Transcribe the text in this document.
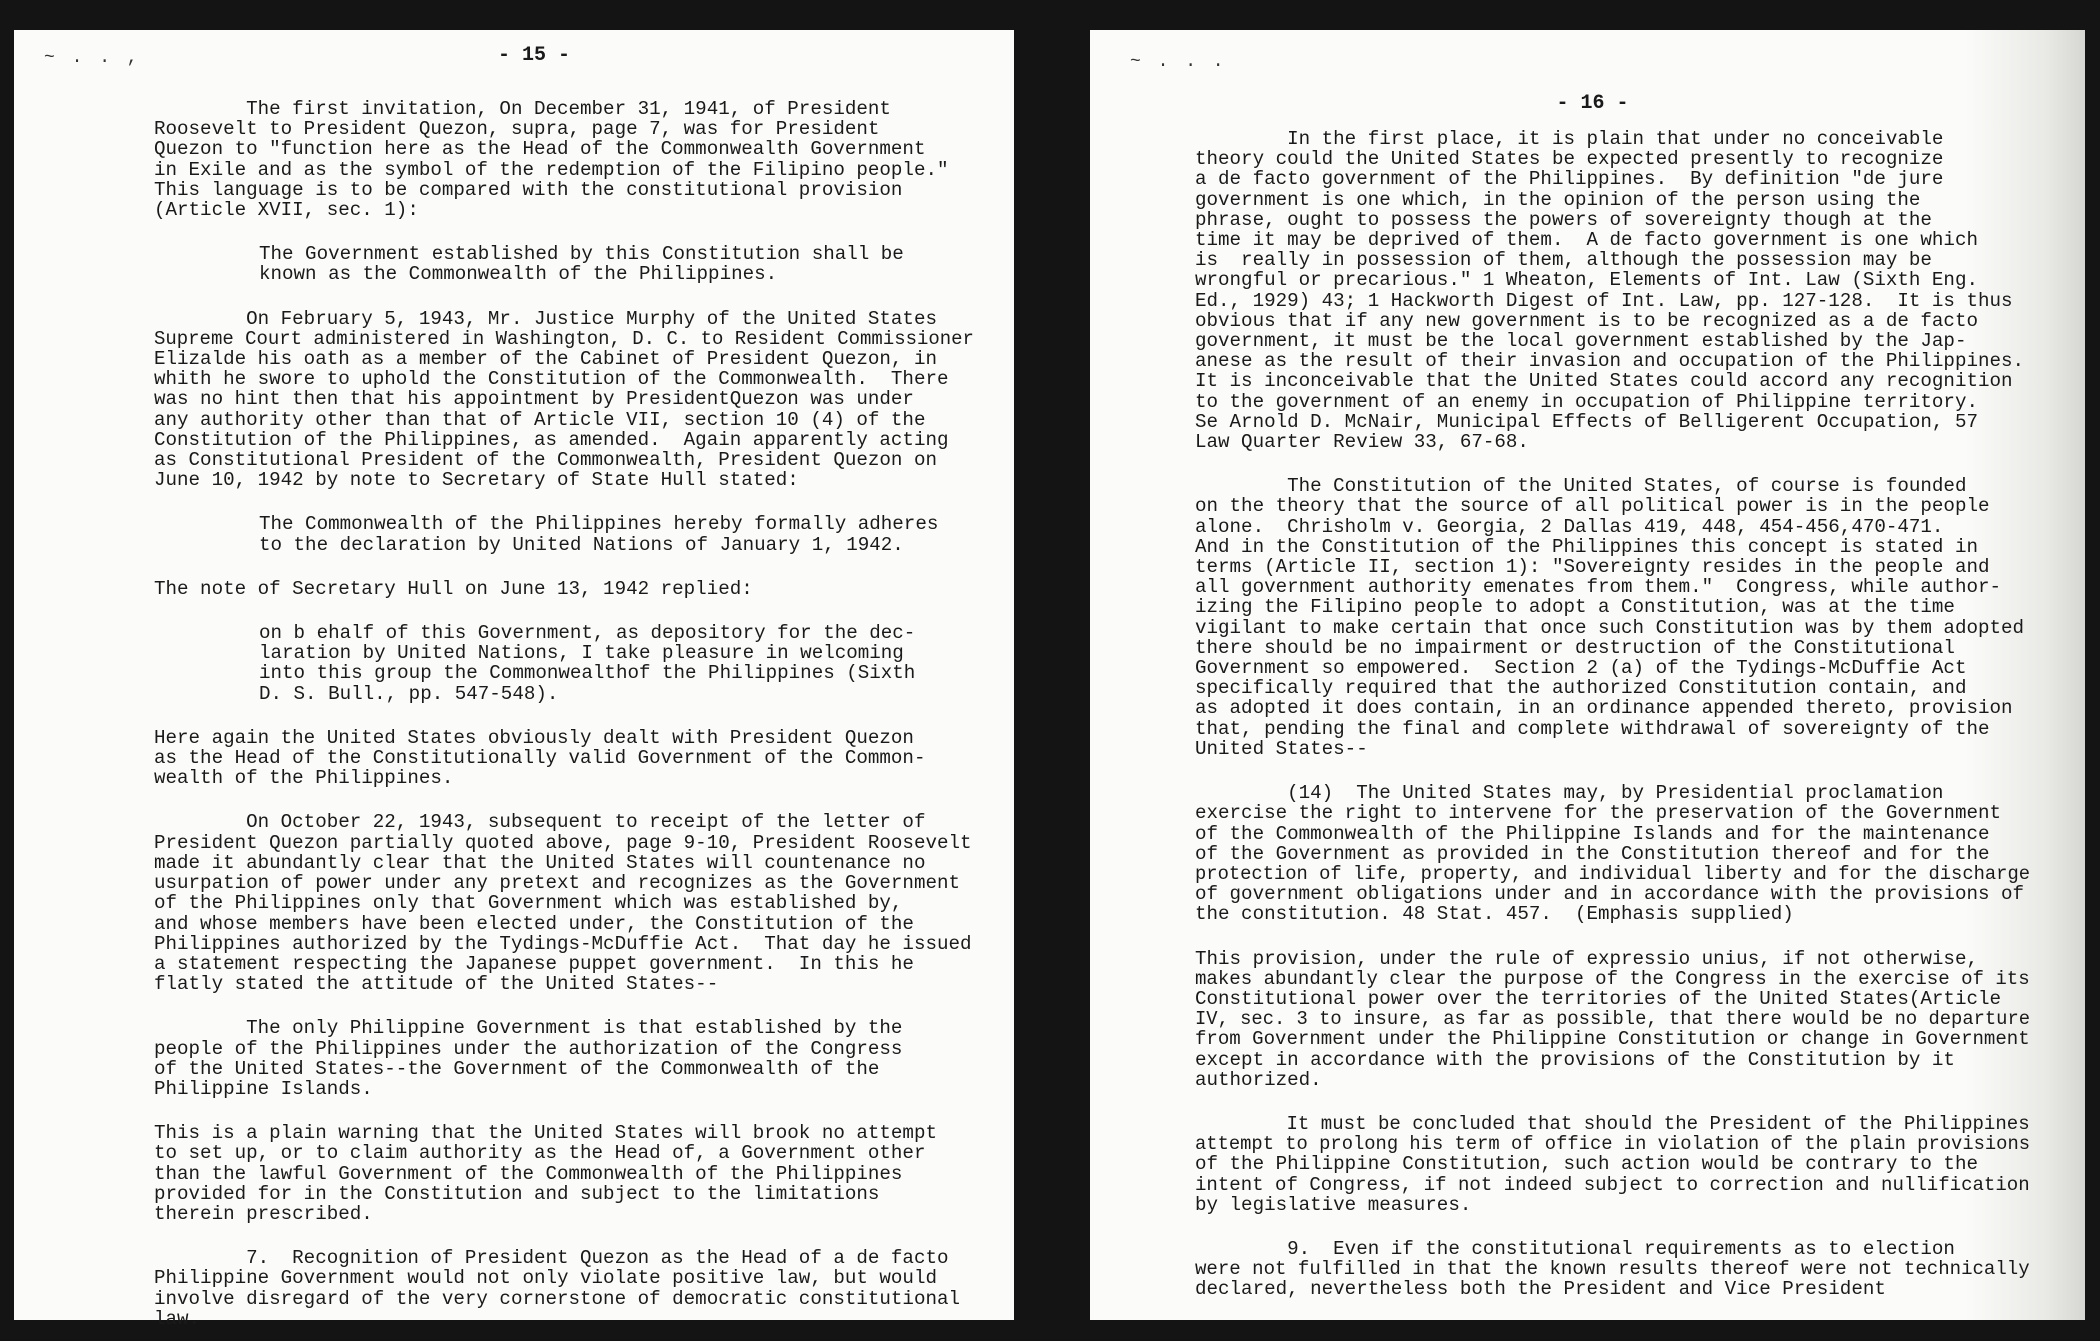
~ . . ,	- 15 -

The first invitation, On December 31, 1941, of President

Roosevelt to President Quezon, supra, page 7, was for President

Quezon to "function here as the Head of the Commonwealth Government

in Exile and as the symbol of the redemption of the Filipino people."

This language is to be compared with the constitutional provision

(Article XVII, sec. 1):

The Government established by this Constitution shall be

known as the Commonwealth of the Philippines.

On February 5, 1943, Mr. Justice Murphy of the United States

Supreme Court administered in Washington, D. C. to Resident Commissioner

Elizalde his oath as a member of the Cabinet of President Quezon, in

whith he swore to uphold the Constitution of the Commonwealth.  There

was no hint then that his appointment by PresidentQuezon was under

any authority other than that of Article VII, section 10 (4) of the

Constitution of the Philippines, as amended.  Again apparently acting

as Constitutional President of the Commonwealth, President Quezon on

June 10, 1942 by note to Secretary of State Hull stated:

The Commonwealth of the Philippines hereby formally adheres

to the declaration by United Nations of January 1, 1942.

The note of Secretary Hull on June 13, 1942 replied:

on b ehalf of this Government, as depository for the dec-

laration by United Nations, I take pleasure in welcoming

into this group the Commonwealthof the Philippines (Sixth

D. S. Bull., pp. 547-548).

Here again the United States obviously dealt with President Quezon

as the Head of the Constitutionally valid Government of the Common-

wealth of the Philippines.

On October 22, 1943, subsequent to receipt of the letter of

President Quezon partially quoted above, page 9-10, President Roosevelt

made it abundantly clear that the United States will countenance no

usurpation of power under any pretext and recognizes as the Government

of the Philippines only that Government which was established by,

and whose members have been elected under, the Constitution of the

Philippines authorized by the Tydings-McDuffie Act.  That day he issued

a statement respecting the Japanese puppet government.  In this he

flatly stated the attitude of the United States--

The only Philippine Government is that established by the

people of the Philippines under the authorization of the Congress

of the United States--the Government of the Commonwealth of the

Philippine Islands.

This is a plain warning that the United States will brook no attempt

to set up, or to claim authority as the Head of, a Government other

than the lawful Government of the Commonwealth of the Philippines

provided for in the Constitution and subject to the limitations

therein prescribed.

7.  Recognition of President Quezon as the Head of a de facto

Philippine Government would not only violate positive law, but would

involve disregard of the very cornerstone of democratic constitutional

law.

~ . . .
- 16 -

In the first place, it is plain that under no conceivable

theory could the United States be expected presently to recognize

a de facto government of the Philippines.  By definition "de jure

government is one which, in the opinion of the person using the

phrase, ought to possess the powers of sovereignty though at the

time it may be deprived of them.  A de facto government is one which

is  really in possession of them, although the possession may be

wrongful or precarious." 1 Wheaton, Elements of Int. Law (Sixth Eng.

Ed., 1929) 43; 1 Hackworth Digest of Int. Law, pp. 127-128.  It is thus

obvious that if any new government is to be recognized as a de facto

government, it must be the local government established by the Jap-

anese as the result of their invasion and occupation of the Philippines.

It is inconceivable that the United States could accord any recognition

to the government of an enemy in occupation of Philippine territory.

Se Arnold D. McNair, Municipal Effects of Belligerent Occupation, 57

Law Quarter Review 33, 67-68.

The Constitution of the United States, of course is founded

on the theory that the source of all political power is in the people

alone.  Chrisholm v. Georgia, 2 Dallas 419, 448, 454-456,470-471.

And in the Constitution of the Philippines this concept is stated in

terms (Article II, section 1): "Sovereignty resides in the people and

all government authority emenates from them."  Congress, while author-

izing the Filipino people to adopt a Constitution, was at the time

vigilant to make certain that once such Constitution was by them adopted

there should be no impairment or destruction of the Constitutional

Government so empowered.  Section 2 (a) of the Tydings-McDuffie Act

specifically required that the authorized Constitution contain, and

as adopted it does contain, in an ordinance appended thereto, provision

that, pending the final and complete withdrawal of sovereignty of the

United States--

(14)  The United States may, by Presidential proclamation

exercise the right to intervene for the preservation of the Government

of the Commonwealth of the Philippine Islands and for the maintenance

of the Government as provided in the Constitution thereof and for the

protection of life, property, and individual liberty and for the discharge

of government obligations under and in accordance with the provisions of

the constitution. 48 Stat. 457.  (Emphasis supplied)

This provision, under the rule of expressio unius, if not otherwise,

makes abundantly clear the purpose of the Congress in the exercise of its

Constitutional power over the territories of the United States(Article

IV, sec. 3 to insure, as far as possible, that there would be no departure

from Government under the Philippine Constitution or change in Government

except in accordance with the provisions of the Constitution by it

authorized.

It must be concluded that should the President of the Philippines

attempt to prolong his term of office in violation of the plain provisions

of the Philippine Constitution, such action would be contrary to the

intent of Congress, if not indeed subject to correction and nullification

by legislative measures.

9.  Even if the constitutional requirements as to election

were not fulfilled in that the known results thereof were not technically

declared, nevertheless both the President and Vice President
